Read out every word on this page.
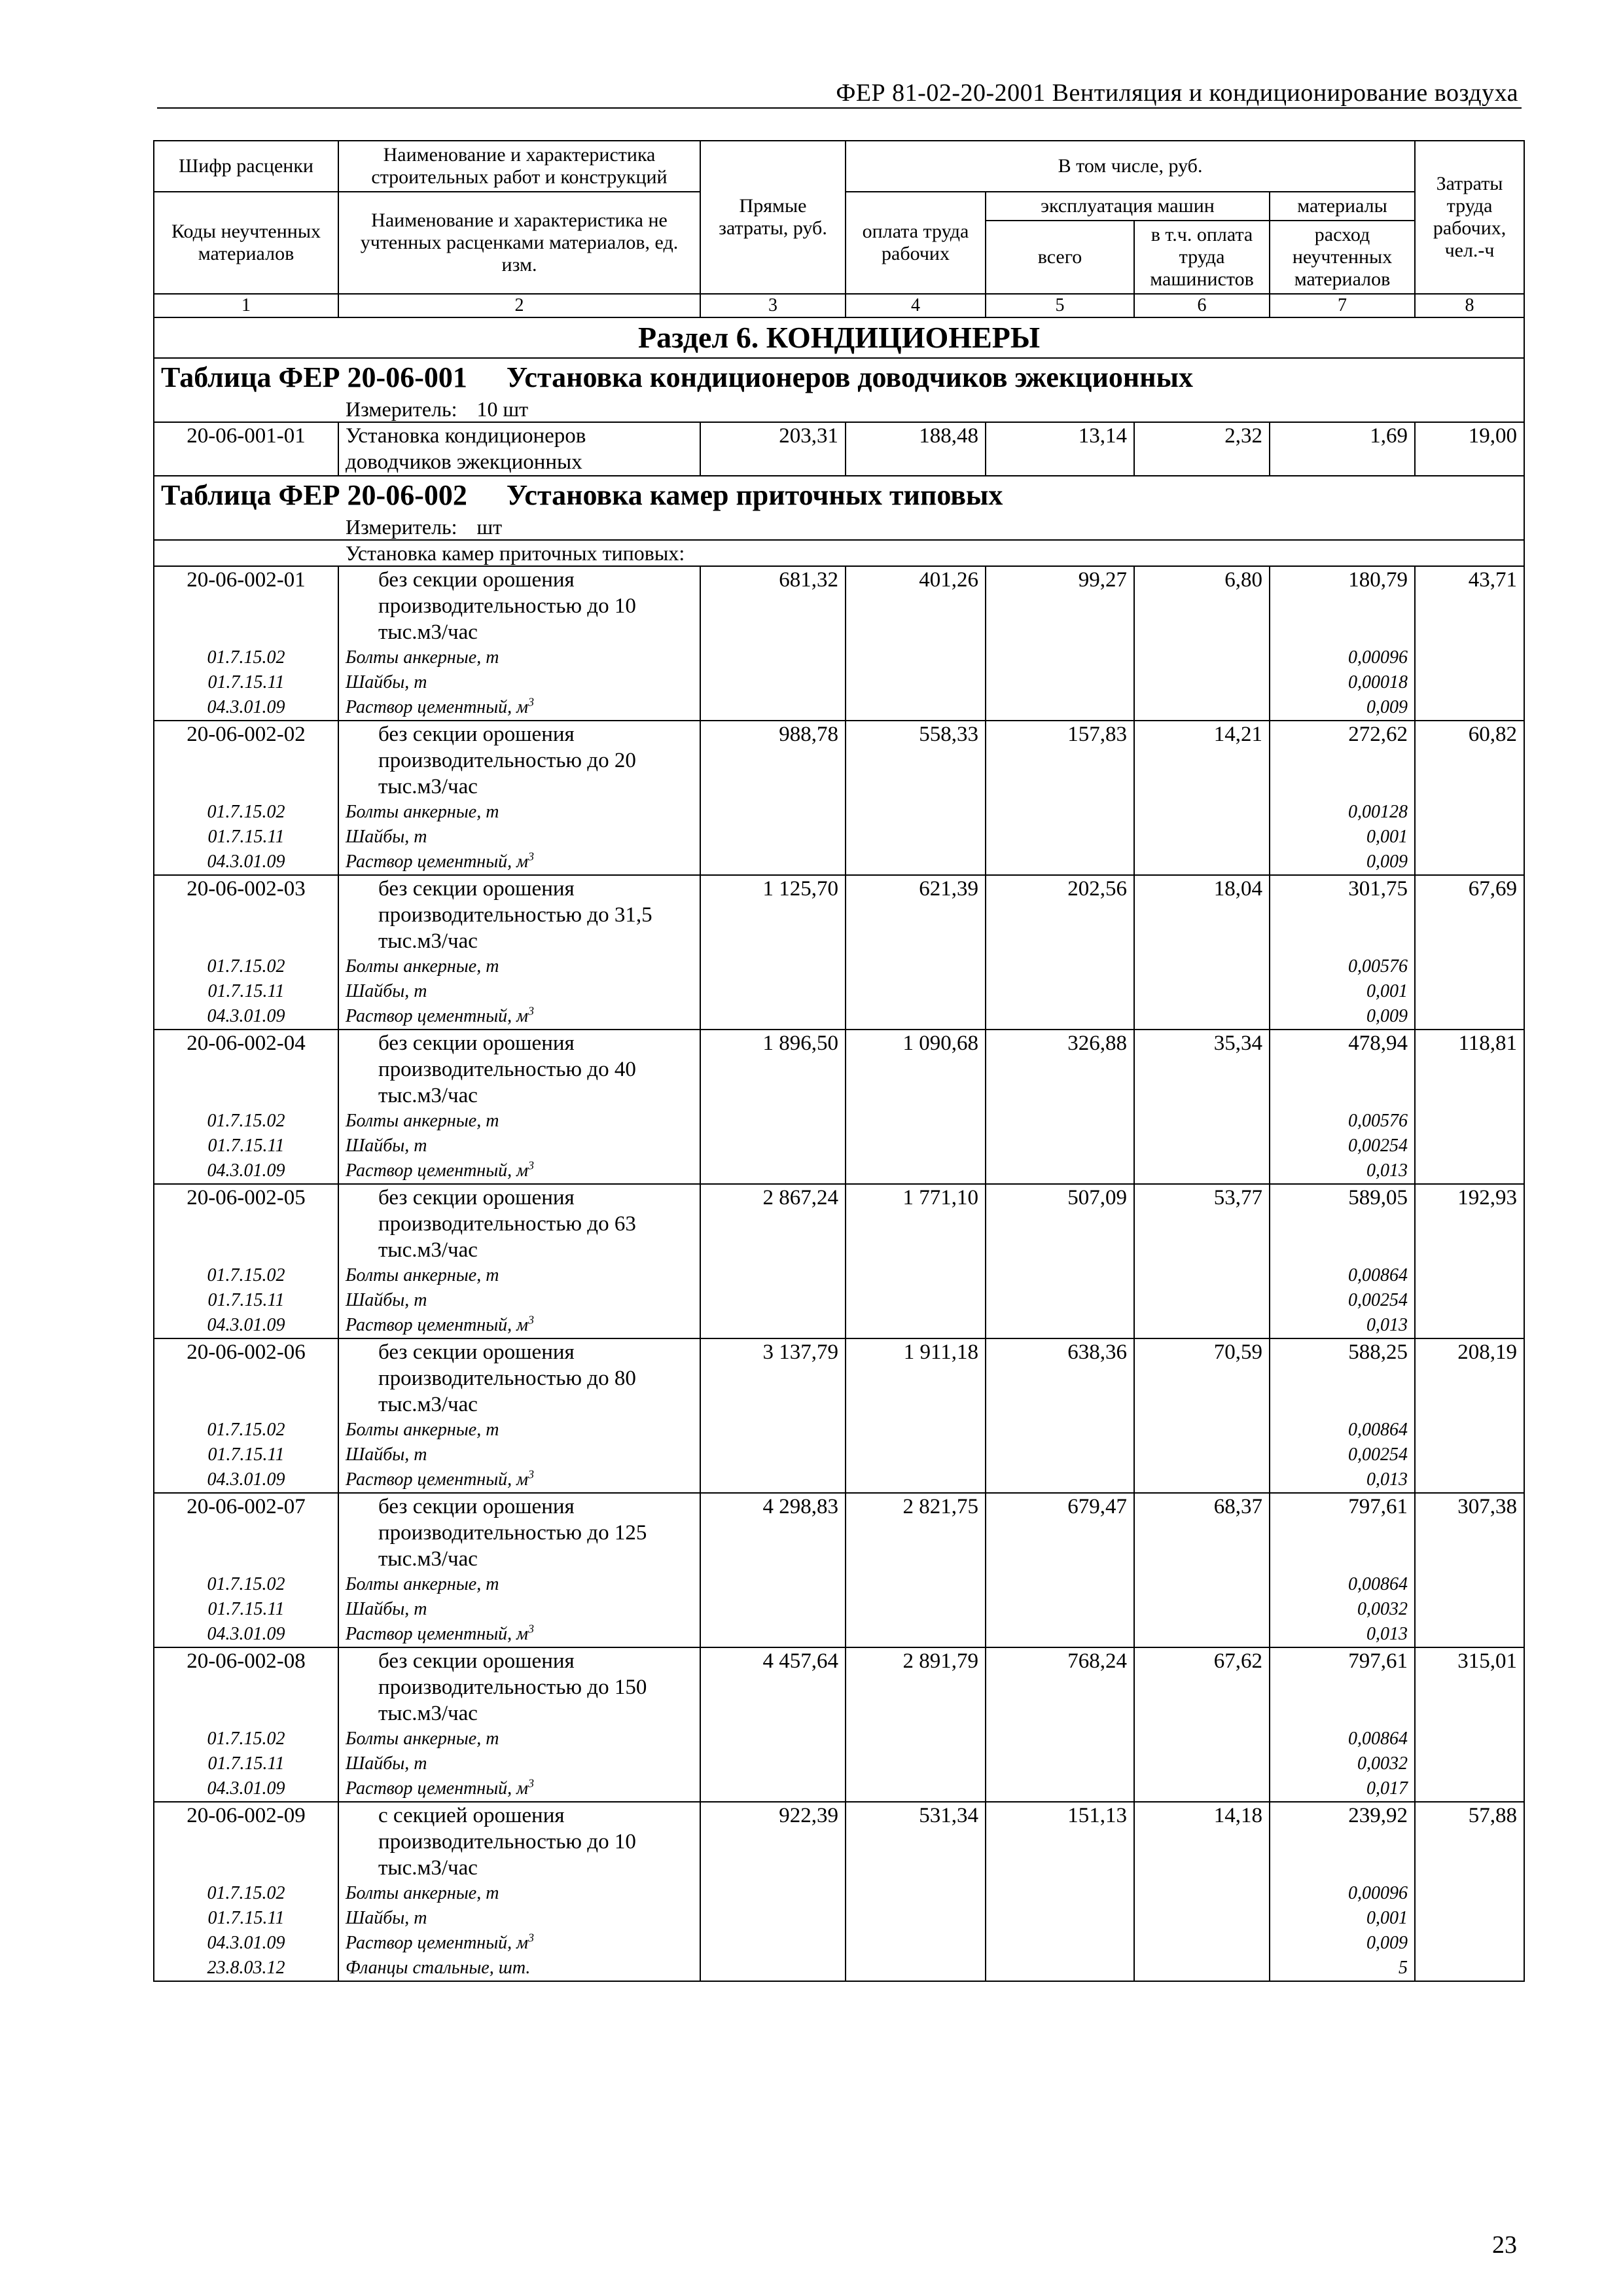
ФЕР 81-02-20-2001 Вентиляция и кондиционирование воздуха
Шифр расценки	Наименование и характеристика строительных работ и конструкций	Прямые затраты, руб.	В том числе, руб.				Затраты труда рабочих, чел.-ч
Коды неучтенных материалов	Наименование и характеристика не учтенных расценками материалов, ед. изм.		оплата труда рабочих	эксплуатация машин		материалы	
				всего	в т.ч. оплата труда машинистов	расход неучтенных материалов	

1	2	3	4	5	6	7	8
Раздел 6. КОНДИЦИОНЕРЫ							
Таблица ФЕР 20-06-001 Установка кондиционеров доводчиков эжекционных							
Измеритель: 10 шт							
20-06-001-01	Установка кондиционеров
доводчиков эжекционных	203,31	188,48	13,14	2,32	1,69	19,00
Таблица ФЕР 20-06-002 Установка камер приточных типовых							
Измеритель: шт							
Установка камер приточных типовых:							
20-06-002-01	без секции орошения
производительностью до 10
тыс.м3/час	681,32	401,26	99,27	6,80	180,79	43,71
01.7.15.02	Болты анкерные, т					0,00096	
01.7.15.11	Шайбы, т					0,00018	
04.3.01.09	Раствор цементный, $м^3$					0,009	
20-06-002-02	без секции орошения
производительностью до 20
тыс.м3/час	988,78	558,33	157,83	14,21	272,62	60,82
01.7.15.02	Болты анкерные, т					0,00128	
01.7.15.11	Шайбы, т					0,001	
04.3.01.09	Раствор цементный, $м^3$					0,009	
20-06-002-03	без секции орошения
производительностью до 31,5
тыс.м3/час	1 125,70	621,39	202,56	18,04	301,75	67,69
01.7.15.02	Болты анкерные, т					0,00576	
01.7.15.11	Шайбы, т					0,001	
04.3.01.09	Раствор цементный, $м^3$					0,009	
20-06-002-04	без секции орошения
производительностью до 40
тыс.м3/час	1 896,50	1 090,68	326,88	35,34	478,94	118,81
01.7.15.02	Болты анкерные, т					0,00576	
01.7.15.11	Шайбы, т					0,00254	
04.3.01.09	Раствор цементный, $м^3$					0,013	
20-06-002-05	без секции орошения
производительностью до 63
тыс.м3/час	2 867,24	1 771,10	507,09	53,77	589,05	192,93
01.7.15.02	Болты анкерные, т					0,00864	
01.7.15.11	Шайбы, т					0,00254	
04.3.01.09	Раствор цементный, $м^3$					0,013	
20-06-002-06	без секции орошения
производительностью до 80
тыс.м3/час	3 137,79	1 911,18	638,36	70,59	588,25	208,19
01.7.15.02	Болты анкерные, т					0,00864	
01.7.15.11	Шайбы, т					0,00254	
04.3.01.09	Раствор цементный, $м^3$					0,013	
20-06-002-07	без секции орошения
производительностью до 125
тыс.м3/час	4 298,83	2 821,75	679,47	68,37	797,61	307,38
01.7.15.02	Болты анкерные, т					0,00864	
01.7.15.11	Шайбы, т					0,0032	
04.3.01.09	Раствор цементный, $м^3$					0,013	
20-06-002-08	без секции орошения
производительностью до 150
тыс.м3/час	4 457,64	2 891,79	768,24	67,62	797,61	315,01
01.7.15.02	Болты анкерные, т					0,00864	
01.7.15.11	Шайбы, т					0,0032	
04.3.01.09	Раствор цементный, $м^3$					0,017	
20-06-002-09	с секцией орошения
производительностью до 10
тыс.м3/час	922,39	531,34	151,13	14,18	239,92	57,88
01.7.15.02	Болты анкерные, т					0,00096	
01.7.15.11	Шайбы, т					0,001	
04.3.01.09	Раствор цементный, $м^3$					0,009	
23.8.03.12	Фланцы стальные, шт.					5	
23
